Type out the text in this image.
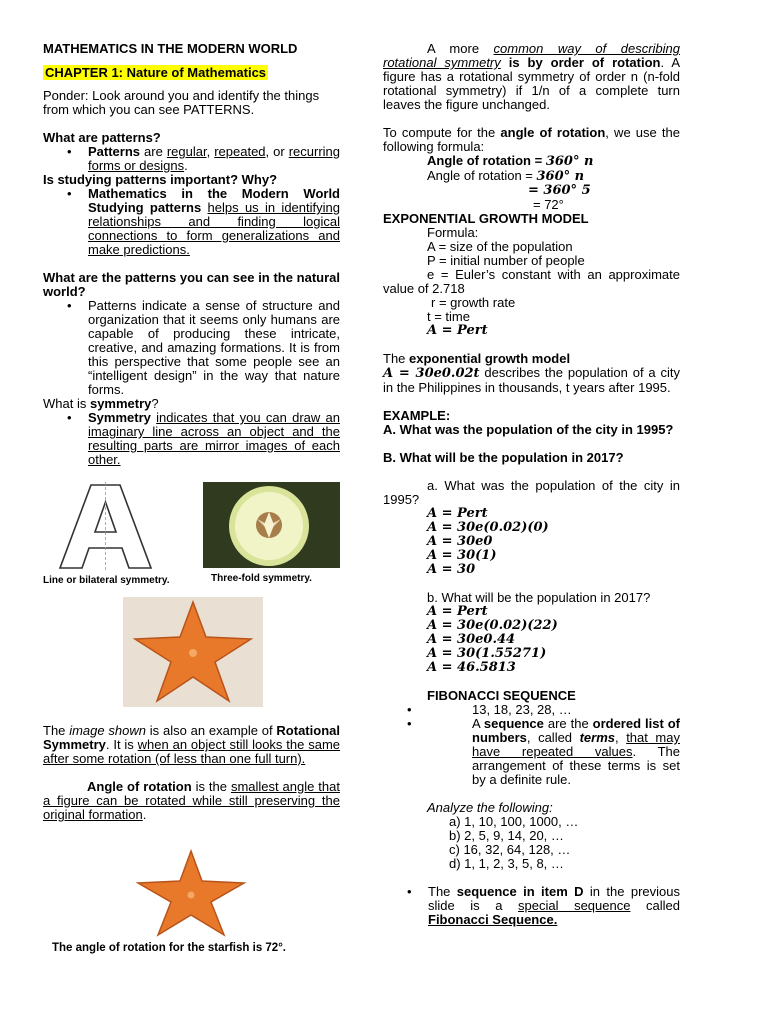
MATHEMATICS IN THE MODERN WORLD

CHAPTER 1: Nature of Mathematics

Ponder: Look around you and identify the things from which you can see PATTERNS.

What are patterns?

• Patterns are regular, repeated, or recurring forms or designs.

Is studying patterns important? Why?

• Mathematics in the Modern World Studying patterns helps us in identifying relationships and finding logical connections to form generalizations and make predictions.

What are the patterns you can see in the natural world?

• Patterns indicate a sense of structure and organization that it seems only humans are capable of producing these intricate, creative, and amazing formations. It is from this perspective that some people see an “intelligent design” in the way that nature forms.

What is symmetry?

• Symmetry indicates that you can draw an imaginary line across an object and the resulting parts are mirror images of each other.

Line or bilateral symmetry.	Three-fold symmetry.

The image shown is also an example of Rotational Symmetry. It is when an object still looks the same after some rotation (of less than one full turn).

Angle of rotation is the smallest angle that a figure can be rotated while still preserving the original formation.

The angle of rotation for the starfish is 72°.

A more common way of describing rotational symmetry is by order of rotation. A figure has a rotational symmetry of order n (n-fold rotational symmetry) if 1/n of a complete turn leaves the figure unchanged.

To compute for the angle of rotation, we use the following formula:

Angle of rotation = 360° n

Angle of rotation = 360° n

= 360° 5

= 72°

EXPONENTIAL GROWTH MODEL

Formula:

A = size of the population

P = initial number of people

e = Euler’s constant with an approximate value of 2.718

r = growth rate

t = time

A = Pert

The exponential growth model
A = 30e0.02t describes the population of a city in the Philippines in thousands, t years after 1995.

EXAMPLE:

A. What was the population of the city in 1995?

B. What will be the population in 2017?

a. What was the population of the city in 1995?

A = Pert

A = 30e(0.02)(0)

A = 30e0

A = 30(1)

A = 30

b. What will be the population in 2017?

A = Pert

A = 30e(0.02)(22)

A = 30e0.44

A = 30(1.55271)

A = 46.5813

FIBONACCI SEQUENCE

• 13, 18, 23, 28, …

• A sequence are the ordered list of numbers, called terms, that may have repeated values. The arrangement of these terms is set by a definite rule.

Analyze the following:

a) 1, 10, 100, 1000, …

b) 2, 5, 9, 14, 20, …

c) 16, 32, 64, 128, …

d) 1, 1, 2, 3, 5, 8, …

• The sequence in item D in the previous slide is a special sequence called Fibonacci Sequence.
